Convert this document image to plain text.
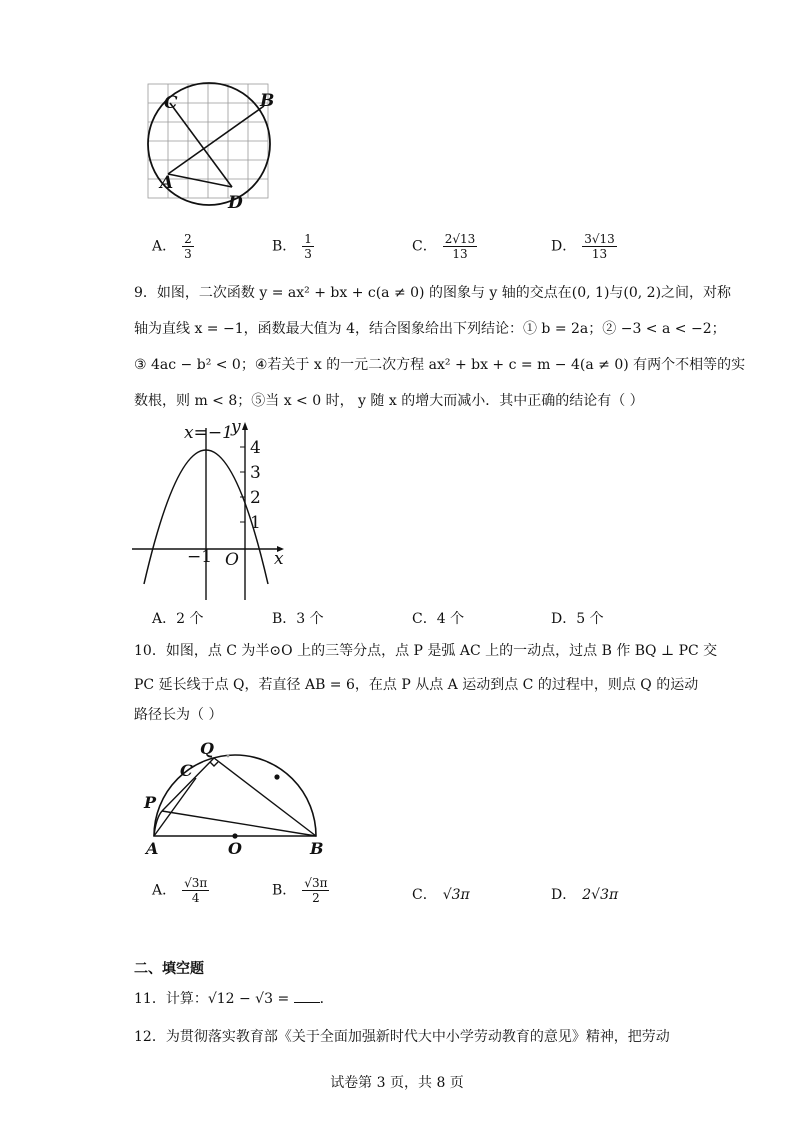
C	B
A
D
A． $\frac{2}{3}$	B． $\frac{1}{3}$	C． $\frac{2√13}{13}$	D． $\frac{3√13}{13}$
9．如图，二次函数 y = ax² + bx + c(a ≠ 0) 的图象与 y 轴的交点在(0, 1)与(0, 2)之间，对称
轴为直线 x = −1，函数最大值为 4，结合图象给出下列结论：① b = 2a；② −3 < a < −2；
③ 4ac − b² < 0；④若关于 x 的一元二次方程 ax² + bx + c = m − 4(a ≠ 0) 有两个不相等的实
数根，则 m < 8；⑤当 x < 0 时， y 随 x 的增大而减小．其中正确的结论有（ ）
x=−1
y
x
O
−1
4
3
2
1
A．2 个	B．3 个	C．4 个	D．5 个
10．如图，点 C 为半⊙O 上的三等分点，点 P 是弧 AC 上的一动点，过点 B 作 BQ ⊥ PC 交
PC 延长线于点 Q，若直径 AB = 6，在点 P 从点 A 运动到点 C 的过程中，则点 Q 的运动
路径长为（ ）
Q
C
P
A	O	B
A． $\frac{√3\pi}{4}$	B． $\frac{√3\pi}{2}$	C． √3π	D． 2√3π
二、填空题
11．计算：√12 − √3 = ．
12．为贯彻落实教育部《关于全面加强新时代大中小学劳动教育的意见》精神，把劳动
试卷第 3 页，共 8 页
